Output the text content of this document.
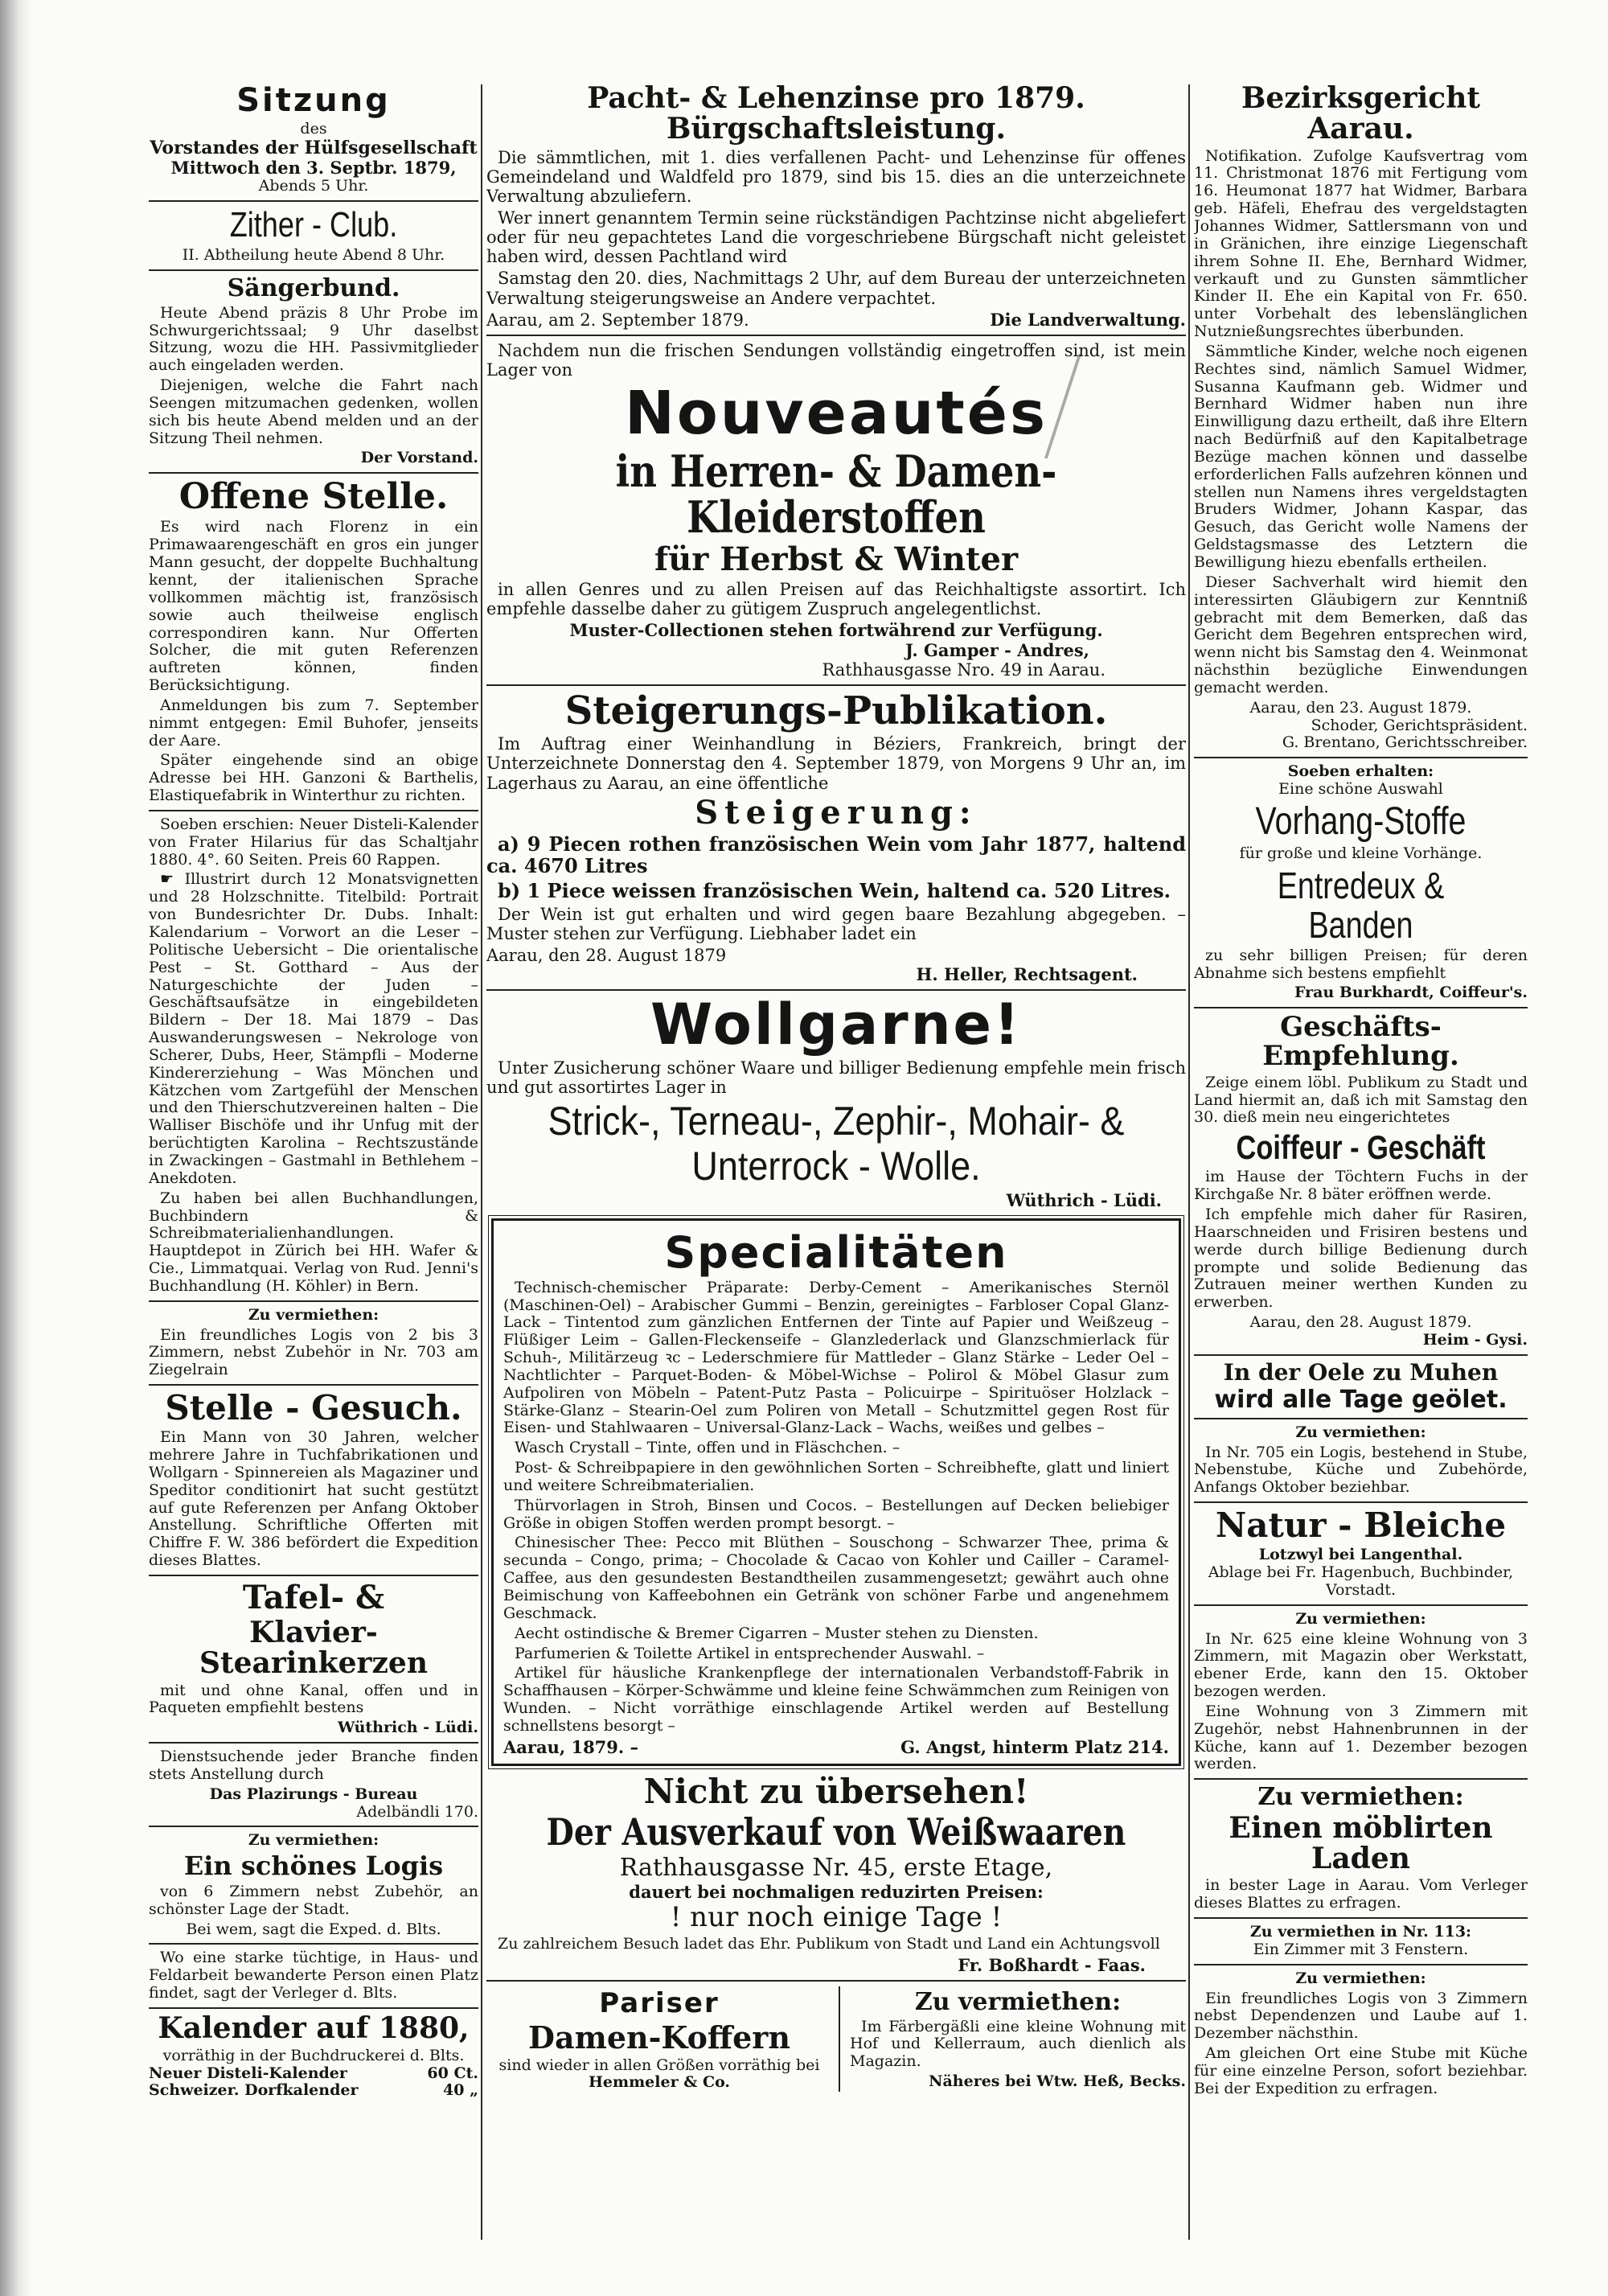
Sitzung
des
Vorstandes der Hülfsgesellschaft
Mittwoch den 3. Septbr. 1879,
Abends 5 Uhr.
Zither - Club.
II. Abtheilung heute Abend 8 Uhr.
Sängerbund.

Heute Abend präzis 8 Uhr Probe im Schwurgerichtssaal; 9 Uhr daselbst Sitzung, wozu die HH. Passivmitglieder auch eingeladen werden.

Diejenigen, welche die Fahrt nach Seengen mitzumachen gedenken, wollen sich bis heute Abend melden und an der Sitzung Theil nehmen.

Der Vorstand.
Offene Stelle.

Es wird nach Florenz in ein Primawaarengeschäft en gros ein junger Mann gesucht, der doppelte Buchhaltung kennt, der italienischen Sprache vollkommen mächtig ist, französisch sowie auch theilweise englisch correspondiren kann. Nur Offerten Solcher, die mit guten Referenzen auftreten können, finden Berücksichtigung.

Anmeldungen bis zum 7. September nimmt entgegen: Emil Buhofer, jenseits der Aare.

Später eingehende sind an obige Adresse bei HH. Ganzoni & Barthelis, Elastiquefabrik in Winterthur zu richten.

Soeben erschien: Neuer Disteli-Kalender von Frater Hilarius für das Schaltjahr 1880. 4°. 60 Seiten. Preis 60 Rappen.

☛ Illustrirt durch 12 Monatsvignetten und 28 Holzschnitte. Titelbild: Portrait von Bundesrichter Dr. Dubs. Inhalt: Kalendarium – Vorwort an die Leser – Politische Uebersicht – Die orientalische Pest – St. Gotthard – Aus der Naturgeschichte der Juden – Geschäftsaufsätze in eingebildeten Bildern – Der 18. Mai 1879 – Das Auswanderungswesen – Nekrologe von Scherer, Dubs, Heer, Stämpfli – Moderne Kindererziehung – Was Mönchen und Kätzchen vom Zartgefühl der Menschen und den Thierschutzvereinen halten – Die Walliser Bischöfe und ihr Unfug mit der berüchtigten Karolina – Rechtszustände in Zwackingen – Gastmahl in Bethlehem – Anekdoten.

Zu haben bei allen Buchhandlungen, Buchbindern & Schreibmaterialienhandlungen. Hauptdepot in Zürich bei HH. Wafer & Cie., Limmatquai. Verlag von Rud. Jenni's Buchhandlung (H. Köhler) in Bern.

Zu vermiethen:

Ein freundliches Logis von 2 bis 3 Zimmern, nebst Zubehör in Nr. 703 am Ziegelrain

Stelle - Gesuch.

Ein Mann von 30 Jahren, welcher mehrere Jahre in Tuchfabrikationen und Wollgarn - Spinnereien als Magaziner und Speditor conditionirt hat sucht gestützt auf gute Referenzen per Anfang Oktober Anstellung. Schriftliche Offerten mit Chiffre F. W. 386 befördert die Expedition dieses Blattes.

Tafel- &
Klavier-Stearinkerzen

mit und ohne Kanal, offen und in Paqueten empfiehlt bestens

Wüthrich - Lüdi.

Dienstsuchende jeder Branche finden stets Anstellung durch

Das Plazirungs - Bureau
Adelbändli 170.
Zu vermiethen:
Ein schönes Logis

von 6 Zimmern nebst Zubehör, an schönster Lage der Stadt.

Bei wem, sagt die Exped. d. Blts.

Wo eine starke tüchtige, in Haus- und Feldarbeit bewanderte Person einen Platz findet, sagt der Verleger d. Blts.

Kalender auf 1880,
vorräthig in der Buchdruckerei d. Blts.
Neuer Disteli-Kalender	60 Ct.
Schweizer. Dorfkalender	40 „
Pacht- & Lehenzinse pro 1879. Bürgschaftsleistung.

Die sämmtlichen, mit 1. dies verfallenen Pacht- und Lehenzinse für offenes Gemeindeland und Waldfeld pro 1879, sind bis 15. dies an die unterzeichnete Verwaltung abzuliefern.

Wer innert genanntem Termin seine rückständigen Pachtzinse nicht abgeliefert oder für neu gepachtetes Land die vorgeschriebene Bürgschaft nicht geleistet haben wird, dessen Pachtland wird

Samstag den 20. dies, Nachmittags 2 Uhr, auf dem Bureau der unterzeichneten Verwaltung steigerungsweise an Andere verpachtet.

Aarau, am 2. September 1879.	Die Landverwaltung.

Nachdem nun die frischen Sendungen vollständig eingetroffen sind, ist mein Lager von

Nouveautés
in Herren- & Damen-Kleiderstoffen
für Herbst & Winter

in allen Genres und zu allen Preisen auf das Reichhaltigste assortirt. Ich empfehle dasselbe daher zu gütigem Zuspruch angelegentlichst.

Muster-Collectionen stehen fortwährend zur Verfügung.
J. Gamper - Andres,
Rathhausgasse Nro. 49 in Aarau.
Steigerungs-Publikation.

Im Auftrag einer Weinhandlung in Béziers, Frankreich, bringt der Unterzeichnete Donnerstag den 4. September 1879, von Morgens 9 Uhr an, im Lagerhaus zu Aarau, an eine öffentliche

Steigerung:

a) 9 Piecen rothen französischen Wein vom Jahr 1877, haltend ca. 4670 Litres

b) 1 Piece weissen französischen Wein, haltend ca. 520 Litres.

Der Wein ist gut erhalten und wird gegen baare Bezahlung abgegeben. – Muster stehen zur Verfügung. Liebhaber ladet ein

Aarau, den 28. August 1879
H. Heller, Rechtsagent.
Wollgarne!

Unter Zusicherung schöner Waare und billiger Bedienung empfehle mein frisch und gut assortirtes Lager in

Strick-, Terneau-, Zephir-, Mohair- &
Unterrock - Wolle.
Wüthrich - Lüdi.
Specialitäten

Technisch-chemischer Präparate: Derby-Cement – Amerikanisches Sternöl (Maschinen-Oel) – Arabischer Gummi – Benzin, gereinigtes – Farbloser Copal Glanz-Lack – Tintentod zum gänzlichen Entfernen der Tinte auf Papier und Weißzeug – Flüßiger Leim – Gallen-Fleckenseife – Glanzlederlack und Glanzschmierlack für Schuh-, Militärzeug ꝛc – Lederschmiere für Mattleder – Glanz Stärke – Leder Oel – Nachtlichter – Parquet-Boden- & Möbel-Wichse – Polirol & Möbel Glasur zum Aufpoliren von Möbeln – Patent-Putz Pasta – Policuirpe – Spirituöser Holzlack – Stärke-Glanz – Stearin-Oel zum Poliren von Metall – Schutzmittel gegen Rost für Eisen- und Stahlwaaren – Universal-Glanz-Lack – Wachs, weißes und gelbes –

Wasch Crystall – Tinte, offen und in Fläschchen. –

Post- & Schreibpapiere in den gewöhnlichen Sorten – Schreibhefte, glatt und liniert und weitere Schreibmaterialien.

Thürvorlagen in Stroh, Binsen und Cocos. – Bestellungen auf Decken beliebiger Größe in obigen Stoffen werden prompt besorgt. –

Chinesischer Thee: Pecco mit Blüthen – Souschong – Schwarzer Thee, prima & secunda – Congo, prima; – Chocolade & Cacao von Kohler und Cailler – Caramel-Caffee, aus den gesundesten Bestandtheilen zusammengesetzt; gewährt auch ohne Beimischung von Kaffeebohnen ein Getränk von schöner Farbe und angenehmem Geschmack.

Aecht ostindische & Bremer Cigarren – Muster stehen zu Diensten.

Parfumerien & Toilette Artikel in entsprechender Auswahl. –

Artikel für häusliche Krankenpflege der internationalen Verbandstoff-Fabrik in Schaffhausen – Körper-Schwämme und kleine feine Schwämmchen zum Reinigen von Wunden. – Nicht vorräthige einschlagende Artikel werden auf Bestellung schnellstens besorgt –

Aarau, 1879. –	G. Angst, hinterm Platz 214.
Nicht zu übersehen!
Der Ausverkauf von Weißwaaren
Rathhausgasse Nr. 45, erste Etage,
dauert bei nochmaligen reduzirten Preisen:
! nur noch einige Tage !

Zu zahlreichem Besuch ladet das Ehr. Publikum von Stadt und Land ein Achtungsvoll

Fr. Boßhardt - Faas.
Pariser
Damen-Koffern
sind wieder in allen Größen vorräthig bei
Hemmeler & Co.
Zu vermiethen:

Im Färbergäßli eine kleine Wohnung mit Hof und Kellerraum, auch dienlich als Magazin.

Näheres bei Wtw. Heß, Becks.
Bezirksgericht Aarau.

Notifikation. Zufolge Kaufsvertrag vom 11. Christmonat 1876 mit Fertigung vom 16. Heumonat 1877 hat Widmer, Barbara geb. Häfeli, Ehefrau des vergeldstagten Johannes Widmer, Sattlersmann von und in Gränichen, ihre einzige Liegenschaft ihrem Sohne II. Ehe, Bernhard Widmer, verkauft und zu Gunsten sämmtlicher Kinder II. Ehe ein Kapital von Fr. 650. unter Vorbehalt des lebenslänglichen Nutznießungsrechtes überbunden.

Sämmtliche Kinder, welche noch eigenen Rechtes sind, nämlich Samuel Widmer, Susanna Kaufmann geb. Widmer und Bernhard Widmer haben nun ihre Einwilligung dazu ertheilt, daß ihre Eltern nach Bedürfniß auf den Kapitalbetrage Bezüge machen können und dasselbe erforderlichen Falls aufzehren können und stellen nun Namens ihres vergeldstagten Bruders Widmer, Johann Kaspar, das Gesuch, das Gericht wolle Namens der Geldstagsmasse des Letztern die Bewilligung hiezu ebenfalls ertheilen.

Dieser Sachverhalt wird hiemit den interessirten Gläubigern zur Kenntniß gebracht mit dem Bemerken, daß das Gericht dem Begehren entsprechen wird, wenn nicht bis Samstag den 4. Weinmonat nächsthin bezügliche Einwendungen gemacht werden.

Aarau, den 23. August 1879.
Schoder, Gerichtspräsident.
G. Brentano, Gerichtsschreiber.
Soeben erhalten:
Eine schöne Auswahl
Vorhang-Stoffe
für große und kleine Vorhänge.
Entredeux & Banden

zu sehr billigen Preisen; für deren Abnahme sich bestens empfiehlt

Frau Burkhardt, Coiffeur's.
Geschäfts-Empfehlung.

Zeige einem löbl. Publikum zu Stadt und Land hiermit an, daß ich mit Samstag den 30. dieß mein neu eingerichtetes

Coiffeur - Geschäft

im Hause der Töchtern Fuchs in der Kirchgaße Nr. 8 bäter eröffnen werde.

Ich empfehle mich daher für Rasiren, Haarschneiden und Frisiren bestens und werde durch billige Bedienung durch prompte und solide Bedienung das Zutrauen meiner werthen Kunden zu erwerben.

Aarau, den 28. August 1879.
Heim - Gysi.
In der Oele zu Muhen
wird alle Tage geölet.
Zu vermiethen:

In Nr. 705 ein Logis, bestehend in Stube, Nebenstube, Küche und Zubehörde, Anfangs Oktober beziehbar.

Natur - Bleiche
Lotzwyl bei Langenthal.
Ablage bei Fr. Hagenbuch, Buchbinder, Vorstadt.
Zu vermiethen:

In Nr. 625 eine kleine Wohnung von 3 Zimmern, mit Magazin ober Werkstatt, ebener Erde, kann den 15. Oktober bezogen werden.

Eine Wohnung von 3 Zimmern mit Zugehör, nebst Hahnenbrunnen in der Küche, kann auf 1. Dezember bezogen werden.

Zu vermiethen:
Einen möblirten Laden

in bester Lage in Aarau. Vom Verleger dieses Blattes zu erfragen.

Zu vermiethen in Nr. 113:
Ein Zimmer mit 3 Fenstern.
Zu vermiethen:

Ein freundliches Logis von 3 Zimmern nebst Dependenzen und Laube auf 1. Dezember nächsthin.

Am gleichen Ort eine Stube mit Küche für eine einzelne Person, sofort beziehbar. Bei der Expedition zu erfragen.
